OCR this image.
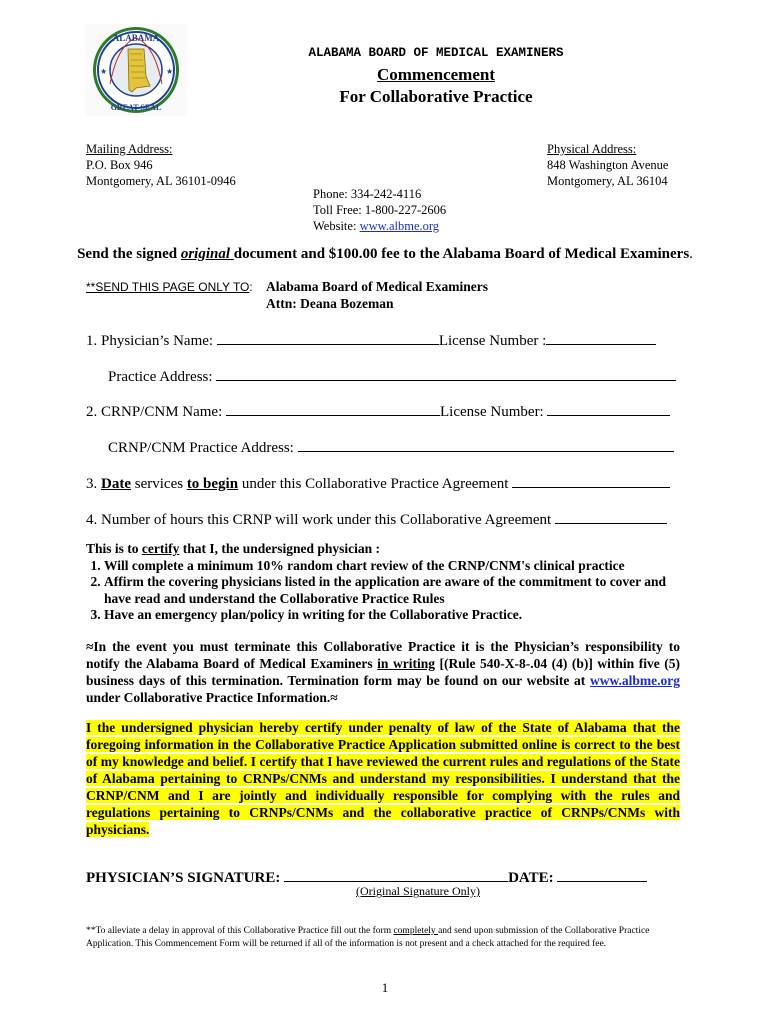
ALABAMA
GREAT SEAL
★	★
ALABAMA BOARD OF MEDICAL EXAMINERS
Commencement
For Collaborative Practice
Mailing Address:
P.O. Box 946
Montgomery, AL 36101-0946
Physical Address:
848 Washington Avenue
Montgomery, AL 36104
Phone: 334-242-4116
Toll Free: 1-800-227-2606
Website: www.albme.org
Send the signed original document and $100.00 fee to the Alabama Board of Medical Examiners.
**SEND THIS PAGE ONLY TO: Alabama Board of Medical Examiners
Attn: Deana Bozeman
1. Physician’s Name:	License Number :
Practice Address:
2. CRNP/CNM Name:	License Number:
CRNP/CNM Practice Address:
3. Date services to begin under this Collaborative Practice Agreement
4. Number of hours this CRNP will work under this Collaborative Agreement
This is to certify that I, the undersigned physician :
1. Will complete a minimum 10% random chart review of the CRNP/CNM's clinical practice
2. Affirm the covering physicians listed in the application are aware of the commitment to cover and have read and understand the Collaborative Practice Rules
3. Have an emergency plan/policy in writing for the Collaborative Practice.
≈In the event you must terminate this Collaborative Practice it is the Physician’s responsibility to notify the Alabama Board of Medical Examiners in writing [(Rule 540-X-8-.04 (4) (b)] within five (5) business days of this termination. Termination form may be found on our website at www.albme.org under Collaborative Practice Information.≈
I the undersigned physician hereby certify under penalty of law of the State of Alabama that the foregoing information in the Collaborative Practice Application submitted online is correct to the best of my knowledge and belief. I certify that I have reviewed the current rules and regulations of the State of Alabama pertaining to CRNPs/CNMs and understand my responsibilities. I understand that the CRNP/CNM and I are jointly and individually responsible for complying with the rules and regulations pertaining to CRNPs/CNMs and the collaborative practice of CRNPs/CNMs with physicians.
PHYSICIAN’S SIGNATURE:	DATE:
(Original Signature Only)
**To alleviate a delay in approval of this Collaborative Practice fill out the form completely and send upon submission of the Collaborative Practice Application. This Commencement Form will be returned if all of the information is not present and a check attached for the required fee.
1
